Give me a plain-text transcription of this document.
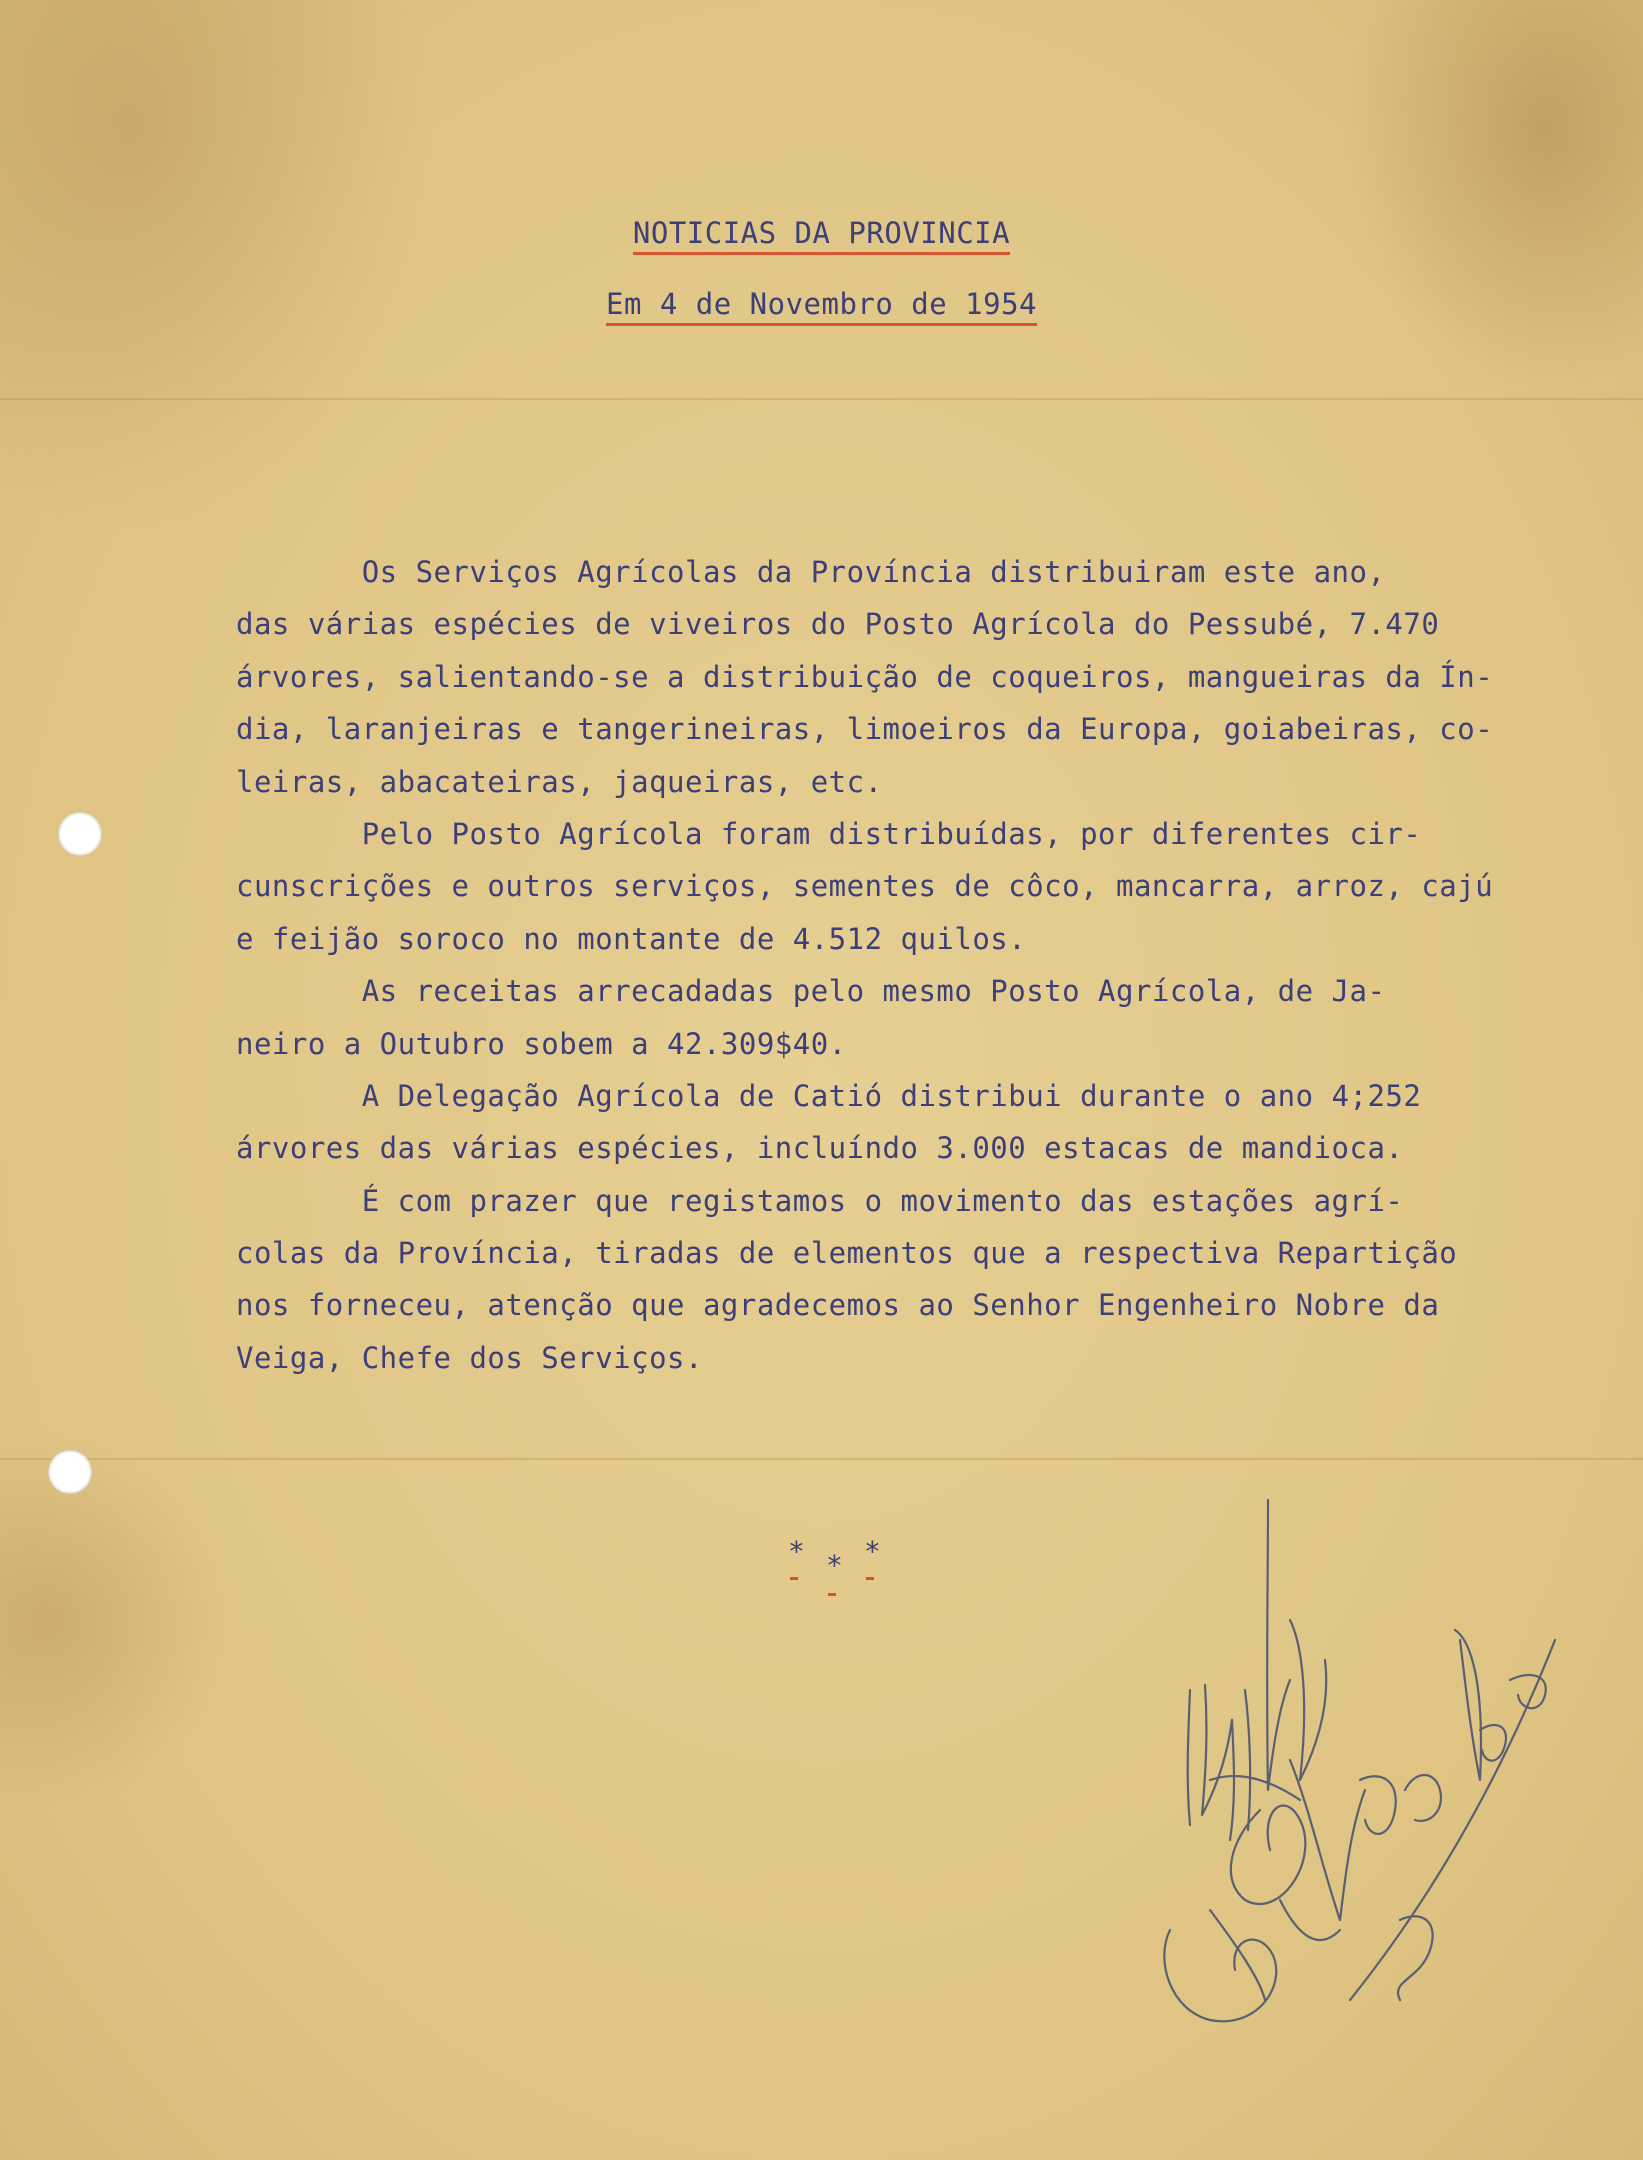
NOTICIAS DA PROVINCIA
Em 4 de Novembro de 1954
Os Serviços Agrícolas da Província distribuiram este ano,
das várias espécies de viveiros do Posto Agrícola do Pessubé, 7.470
árvores, salientando-se a distribuição de coqueiros, mangueiras da Ín-
dia, laranjeiras e tangerineiras, limoeiros da Europa, goiabeiras, co-
leiras, abacateiras, jaqueiras, etc.
Pelo Posto Agrícola foram distribuídas, por diferentes cir-
cunscrições e outros serviços, sementes de côco, mancarra, arroz, cajú
e feijão soroco no montante de 4.512 quilos.
As receitas arrecadadas pelo mesmo Posto Agrícola, de Ja-
neiro a Outubro sobem a 42.309$40.
A Delegação Agrícola de Catió distribui durante o ano 4;252
árvores das várias espécies, incluíndo 3.000 estacas de mandioca.
É com prazer que registamos o movimento das estações agrí-
colas da Província, tiradas de elementos que a respectiva Repartição
nos forneceu, atenção que agradecemos ao Senhor Engenheiro Nobre da
Veiga, Chefe dos Serviços.
* * *
